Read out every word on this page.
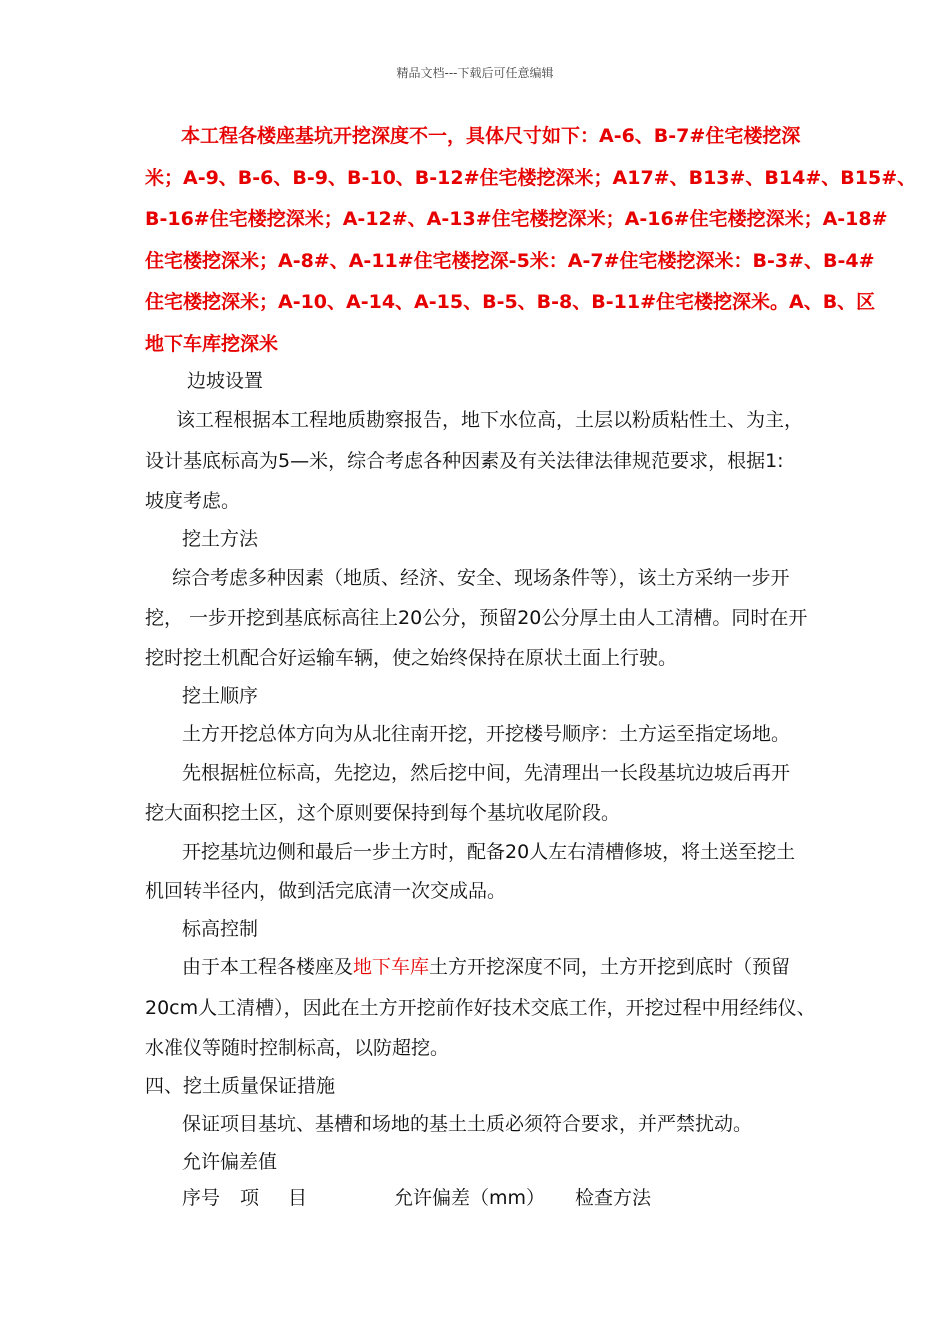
精品文档---下载后可任意编辑
本工程各楼座基坑开挖深度不一，具体尺寸如下：A-6、B-7#住宅楼挖深
米；A-9、B-6、B-9、B-10、B-12#住宅楼挖深米；A17#、B13#、B14#、B15#、
B-16#住宅楼挖深米；A-12#、A-13#住宅楼挖深米；A-16#住宅楼挖深米；A-18#
住宅楼挖深米；A-8#、A-11#住宅楼挖深-5米：A-7#住宅楼挖深米：B-3#、B-4#
住宅楼挖深米；A-10、A-14、A-15、B-5、B-8、B-11#住宅楼挖深米。A、B、区
地下车库挖深米
边坡设置
该工程根据本工程地质勘察报告，地下水位高，土层以粉质粘性土、为主，
设计基底标高为5—米，综合考虑各种因素及有关法律法律规范要求，根据1:
坡度考虑。
挖土方法
综合考虑多种因素（地质、经济、安全、现场条件等），该土方采纳一步开
挖， 一步开挖到基底标高往上20公分，预留20公分厚土由人工清槽。同时在开
挖时挖土机配合好运输车辆，使之始终保持在原状土面上行驶。
挖土顺序
土方开挖总体方向为从北往南开挖，开挖楼号顺序：土方运至指定场地。
先根据桩位标高，先挖边，然后挖中间，先清理出一长段基坑边坡后再开
挖大面积挖土区，这个原则要保持到每个基坑收尾阶段。
开挖基坑边侧和最后一步土方时，配备20人左右清槽修坡，将土送至挖土
机回转半径内，做到活完底清一次交成品。
标高控制
由于本工程各楼座及地下车库土方开挖深度不同，土方开挖到底时（预留
20cm人工清槽），因此在土方开挖前作好技术交底工作，开挖过程中用经纬仪、
水准仪等随时控制标高，以防超挖。
四、挖土质量保证措施
保证项目基坑、基槽和场地的基土土质必须符合要求，并严禁扰动。
允许偏差值
序号 项 目	允许偏差（mm） 检查方法
